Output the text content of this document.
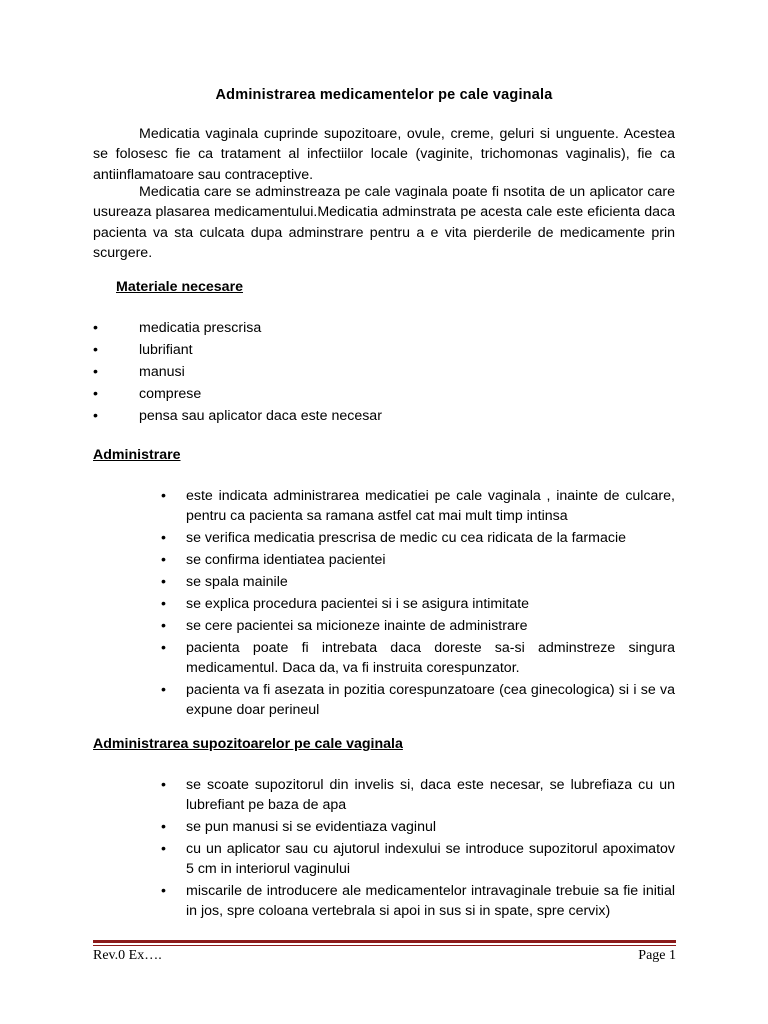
Administrarea medicamentelor pe cale vaginala
Medicatia vaginala cuprinde supozitoare, ovule, creme, geluri si unguente. Acestea se folosesc fie ca tratament al infectiilor locale (vaginite, trichomonas vaginalis), fie ca antiinflamatoare sau contraceptive.
Medicatia care se adminstreaza pe cale vaginala poate fi nsotita de un aplicator care usureaza plasarea medicamentului.Medicatia adminstrata pe acesta cale este eficienta daca pacienta va sta culcata dupa adminstrare pentru a e vita pierderile de medicamente prin scurgere.
Materiale necesare
•	medicatia prescrisa
•	lubrifiant
•	manusi
•	comprese
•	pensa sau aplicator daca este necesar
Administrare
• este indicata administrarea medicatiei pe cale vaginala , inainte de culcare, pentru ca pacienta sa ramana astfel cat mai mult timp intinsa
• se verifica medicatia prescrisa de medic cu cea ridicata de la farmacie
• se confirma identiatea pacientei
• se spala mainile
• se explica procedura pacientei si i se asigura intimitate
• se cere pacientei sa micioneze inainte de administrare
• pacienta poate fi intrebata daca doreste sa-si adminstreze singura medicamentul. Daca da, va fi instruita corespunzator.
• pacienta va fi asezata in pozitia corespunzatoare (cea ginecologica) si i se va expune doar perineul
Administrarea supozitoarelor pe cale vaginala
• se scoate supozitorul din invelis si, daca este necesar, se lubrefiaza cu un lubrefiant pe baza de apa
• se pun manusi si se evidentiaza vaginul
• cu un aplicator sau cu ajutorul indexului se introduce supozitorul apoximatov 5 cm in interiorul vaginului
• miscarile de introducere ale medicamentelor intravaginale trebuie sa fie initial in jos, spre coloana vertebrala si apoi in sus si in spate, spre cervix)
Rev.0 Ex….	Page 1
